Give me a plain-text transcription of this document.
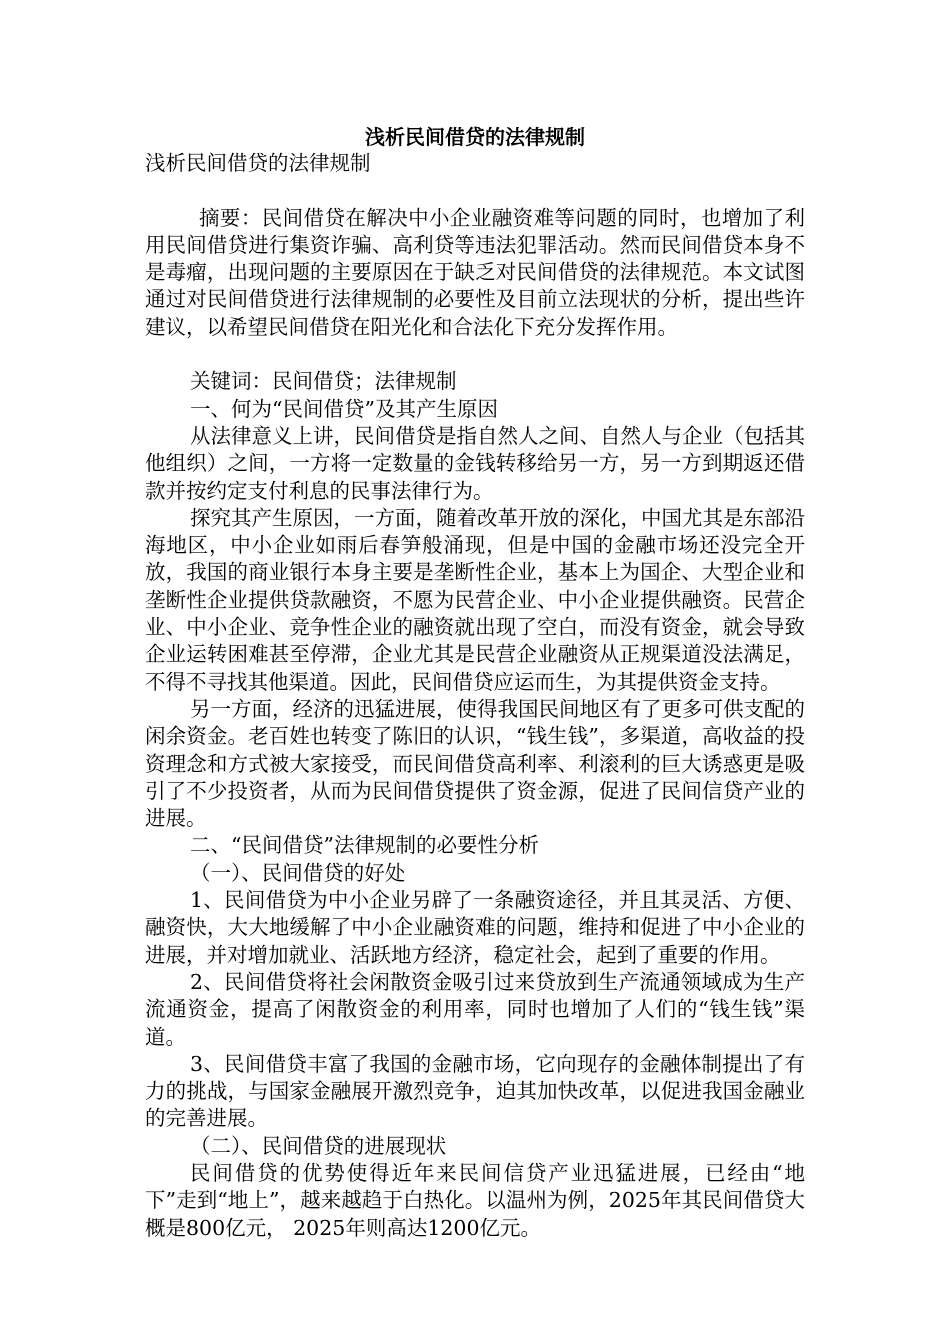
浅析民间借贷的法律规制

浅析民间借贷的法律规制

摘要：民间借贷在解决中小企业融资难等问题的同时，也增加了利用民间借贷进行集资诈骗、高利贷等违法犯罪活动。然而民间借贷本身不是毒瘤，出现问题的主要原因在于缺乏对民间借贷的法律规范。本文试图通过对民间借贷进行法律规制的必要性及目前立法现状的分析，提出些许建议，以希望民间借贷在阳光化和合法化下充分发挥作用。

关键词：民间借贷；法律规制

一、何为“民间借贷”及其产生原因

从法律意义上讲，民间借贷是指自然人之间、自然人与企业（包括其他组织）之间，一方将一定数量的金钱转移给另一方，另一方到期返还借款并按约定支付利息的民事法律行为。

探究其产生原因，一方面，随着改革开放的深化，中国尤其是东部沿海地区，中小企业如雨后春笋般涌现，但是中国的金融市场还没完全开放，我国的商业银行本身主要是垄断性企业，基本上为国企、大型企业和垄断性企业提供贷款融资，不愿为民营企业、中小企业提供融资。民营企业、中小企业、竞争性企业的融资就出现了空白，而没有资金，就会导致企业运转困难甚至停滞，企业尤其是民营企业融资从正规渠道没法满足，不得不寻找其他渠道。因此，民间借贷应运而生，为其提供资金支持。

另一方面，经济的迅猛进展，使得我国民间地区有了更多可供支配的闲余资金。老百姓也转变了陈旧的认识，“钱生钱”，多渠道，高收益的投资理念和方式被大家接受，而民间借贷高利率、利滚利的巨大诱惑更是吸引了不少投资者，从而为民间借贷提供了资金源，促进了民间信贷产业的进展。

二、“民间借贷”法律规制的必要性分析

（一）、民间借贷的好处

1、民间借贷为中小企业另辟了一条融资途径，并且其灵活、方便、融资快，大大地缓解了中小企业融资难的问题，维持和促进了中小企业的进展，并对增加就业、活跃地方经济，稳定社会，起到了重要的作用。

2、民间借贷将社会闲散资金吸引过来贷放到生产流通领域成为生产流通资金，提高了闲散资金的利用率，同时也增加了人们的“钱生钱”渠道。

3、民间借贷丰富了我国的金融市场，它向现存的金融体制提出了有力的挑战，与国家金融展开激烈竞争，迫其加快改革，以促进我国金融业的完善进展。

（二）、民间借贷的进展现状

民间借贷的优势使得近年来民间信贷产业迅猛进展，已经由“地下”走到“地上”，越来越趋于白热化。以温州为例，2025年其民间借贷大概是800亿元， 2025年则高达1200亿元。
